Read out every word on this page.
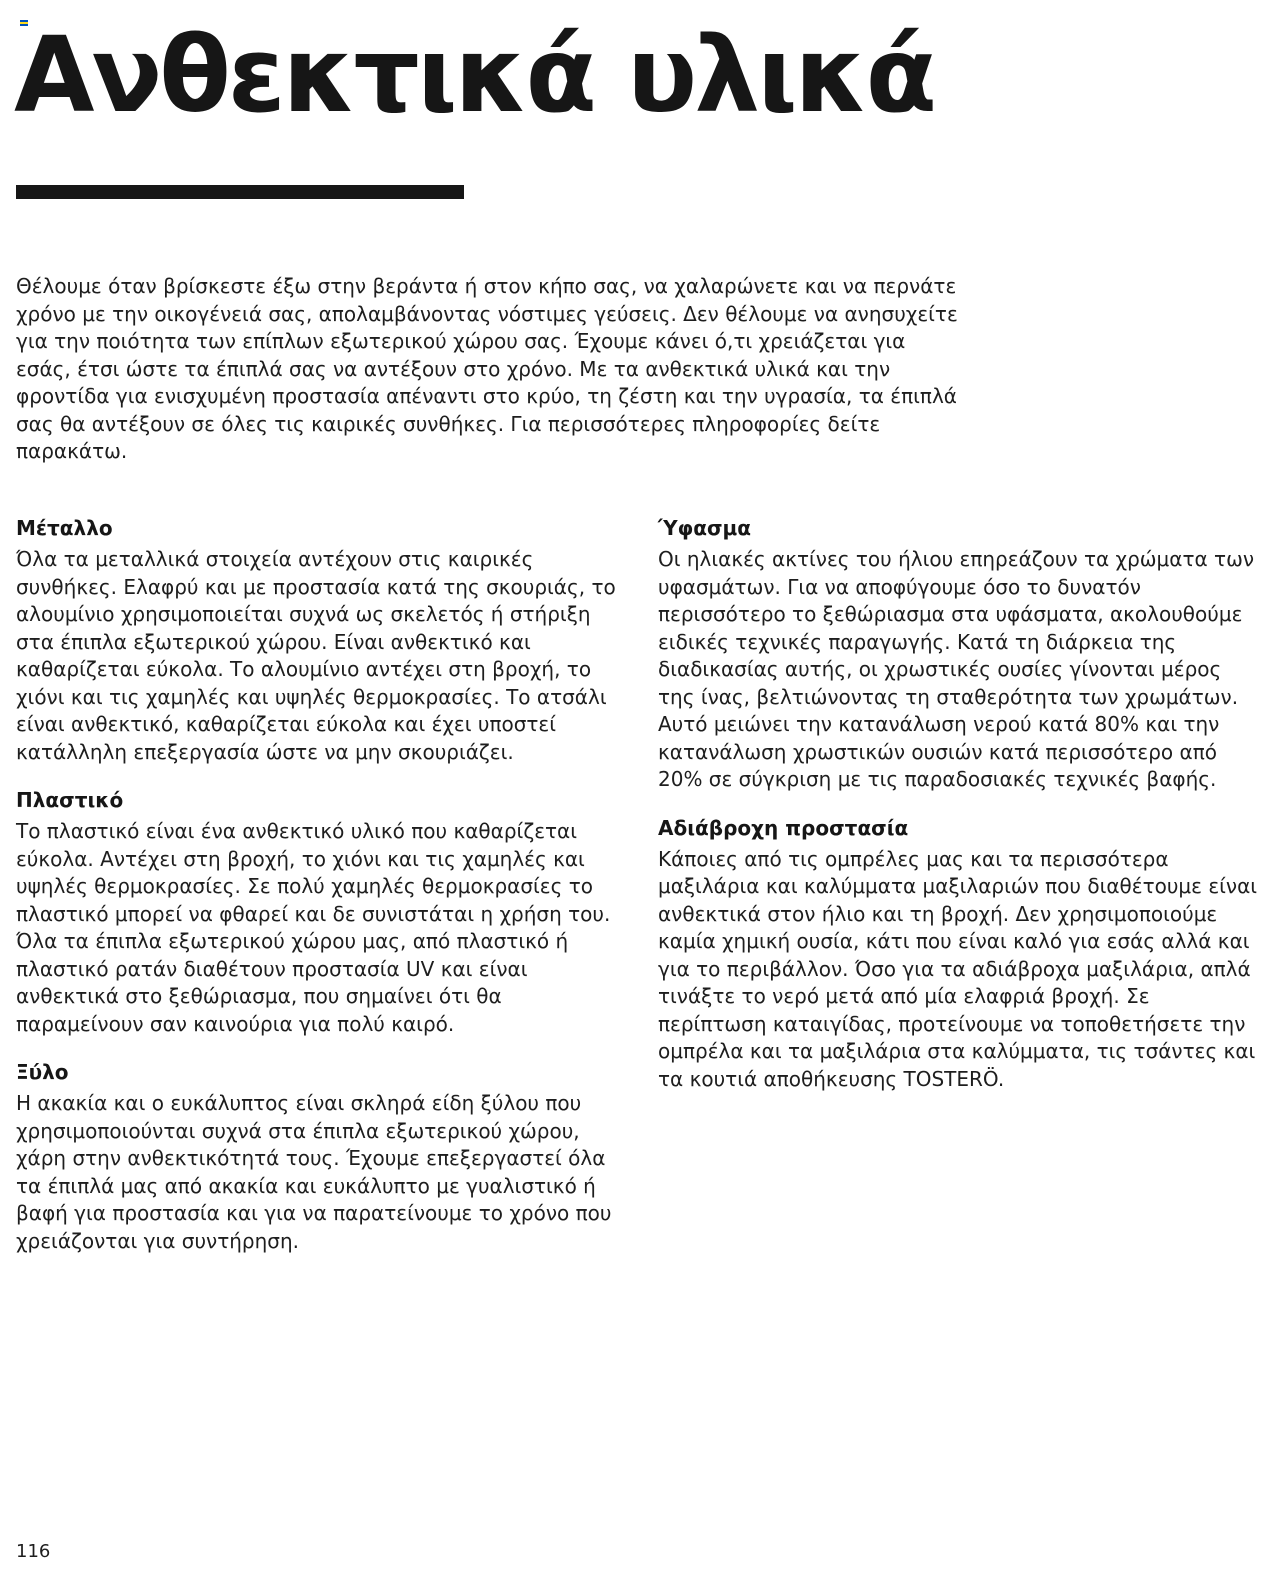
Ανθεκτικά υλικά

Θέλουμε όταν βρίσκεστε έξω στην βεράντα ή στον κήπο σας, να χαλαρώνετε και να περνάτε χρόνο με την οικογένειά σας, απολαμβάνοντας νόστιμες γεύσεις. Δεν θέλουμε να ανησυχείτε για την ποιότητα των επίπλων εξωτερικού χώρου σας. Έχουμε κάνει ό,τι χρειάζεται για εσάς, έτσι ώστε τα έπιπλά σας να αντέξουν στο χρόνο. Με τα ανθεκτικά υλικά και την φροντίδα για ενισχυμένη προστασία απέναντι στο κρύο, τη ζέστη και την υγρασία, τα έπιπλά σας θα αντέξουν σε όλες τις καιρικές συνθήκες. Για περισσότερες πληροφορίες δείτε παρακάτω.

Μέταλλο

Όλα τα μεταλλικά στοιχεία αντέχουν στις καιρικές συνθήκες. Ελαφρύ και με προστασία κατά της σκουριάς, το αλουμίνιο χρησιμοποιείται συχνά ως σκελετός ή στήριξη στα έπιπλα εξωτερικού χώρου. Είναι ανθεκτικό και καθαρίζεται εύκολα. Το αλουμίνιο αντέχει στη βροχή, το χιόνι και τις χαμηλές και υψηλές θερμοκρασίες. Το ατσάλι είναι ανθεκτικό, καθαρίζεται εύκολα και έχει υποστεί κατάλληλη επεξεργασία ώστε να μην σκουριάζει.

Πλαστικό

Το πλαστικό είναι ένα ανθεκτικό υλικό που καθαρίζεται εύκολα. Αντέχει στη βροχή, το χιόνι και τις χαμηλές και υψηλές θερμοκρασίες. Σε πολύ χαμηλές θερμοκρασίες το πλαστικό μπορεί να φθαρεί και δε συνιστάται η χρήση του. Όλα τα έπιπλα εξωτερικού χώρου μας, από πλαστικό ή πλαστικό ρατάν διαθέτουν προστασία UV και είναι ανθεκτικά στο ξεθώριασμα, που σημαίνει ότι θα παραμείνουν σαν καινούρια για πολύ καιρό.

Ξύλο

Η ακακία και ο ευκάλυπτος είναι σκληρά είδη ξύλου που χρησιμοποιούνται συχνά στα έπιπλα εξωτερικού χώρου, χάρη στην ανθεκτικότητά τους. Έχουμε επεξεργαστεί όλα τα έπιπλά μας από ακακία και ευκάλυπτο με γυαλιστικό ή βαφή για προστασία και για να παρατείνουμε το χρόνο που χρειάζονται για συντήρηση.

Ύφασμα

Οι ηλιακές ακτίνες του ήλιου επηρεάζουν τα χρώματα των υφασμάτων. Για να αποφύγουμε όσο το δυνατόν περισσότερο το ξεθώριασμα στα υφάσματα, ακολουθούμε ειδικές τεχνικές παραγωγής. Κατά τη διάρκεια της διαδικασίας αυτής, οι χρωστικές ουσίες γίνονται μέρος της ίνας, βελτιώνοντας τη σταθερότητα των χρωμάτων. Αυτό μειώνει την κατανάλωση νερού κατά 80% και την κατανάλωση χρωστικών ουσιών κατά περισσότερο από 20% σε σύγκριση με τις παραδοσιακές τεχνικές βαφής.

Αδιάβροχη προστασία

Κάποιες από τις ομπρέλες μας και τα περισσότερα μαξιλάρια και καλύμματα μαξιλαριών που διαθέτουμε είναι ανθεκτικά στον ήλιο και τη βροχή. Δεν χρησιμοποιούμε καμία χημική ουσία, κάτι που είναι καλό για εσάς αλλά και για το περιβάλλον. Όσο για τα αδιάβροχα μαξιλάρια, απλά τινάξτε το νερό μετά από μία ελαφριά βροχή. Σε περίπτωση καταιγίδας, προτείνουμε να τοποθετήσετε την ομπρέλα και τα μαξιλάρια στα καλύμματα, τις τσάντες και τα κουτιά αποθήκευσης TOSTERÖ.

116
